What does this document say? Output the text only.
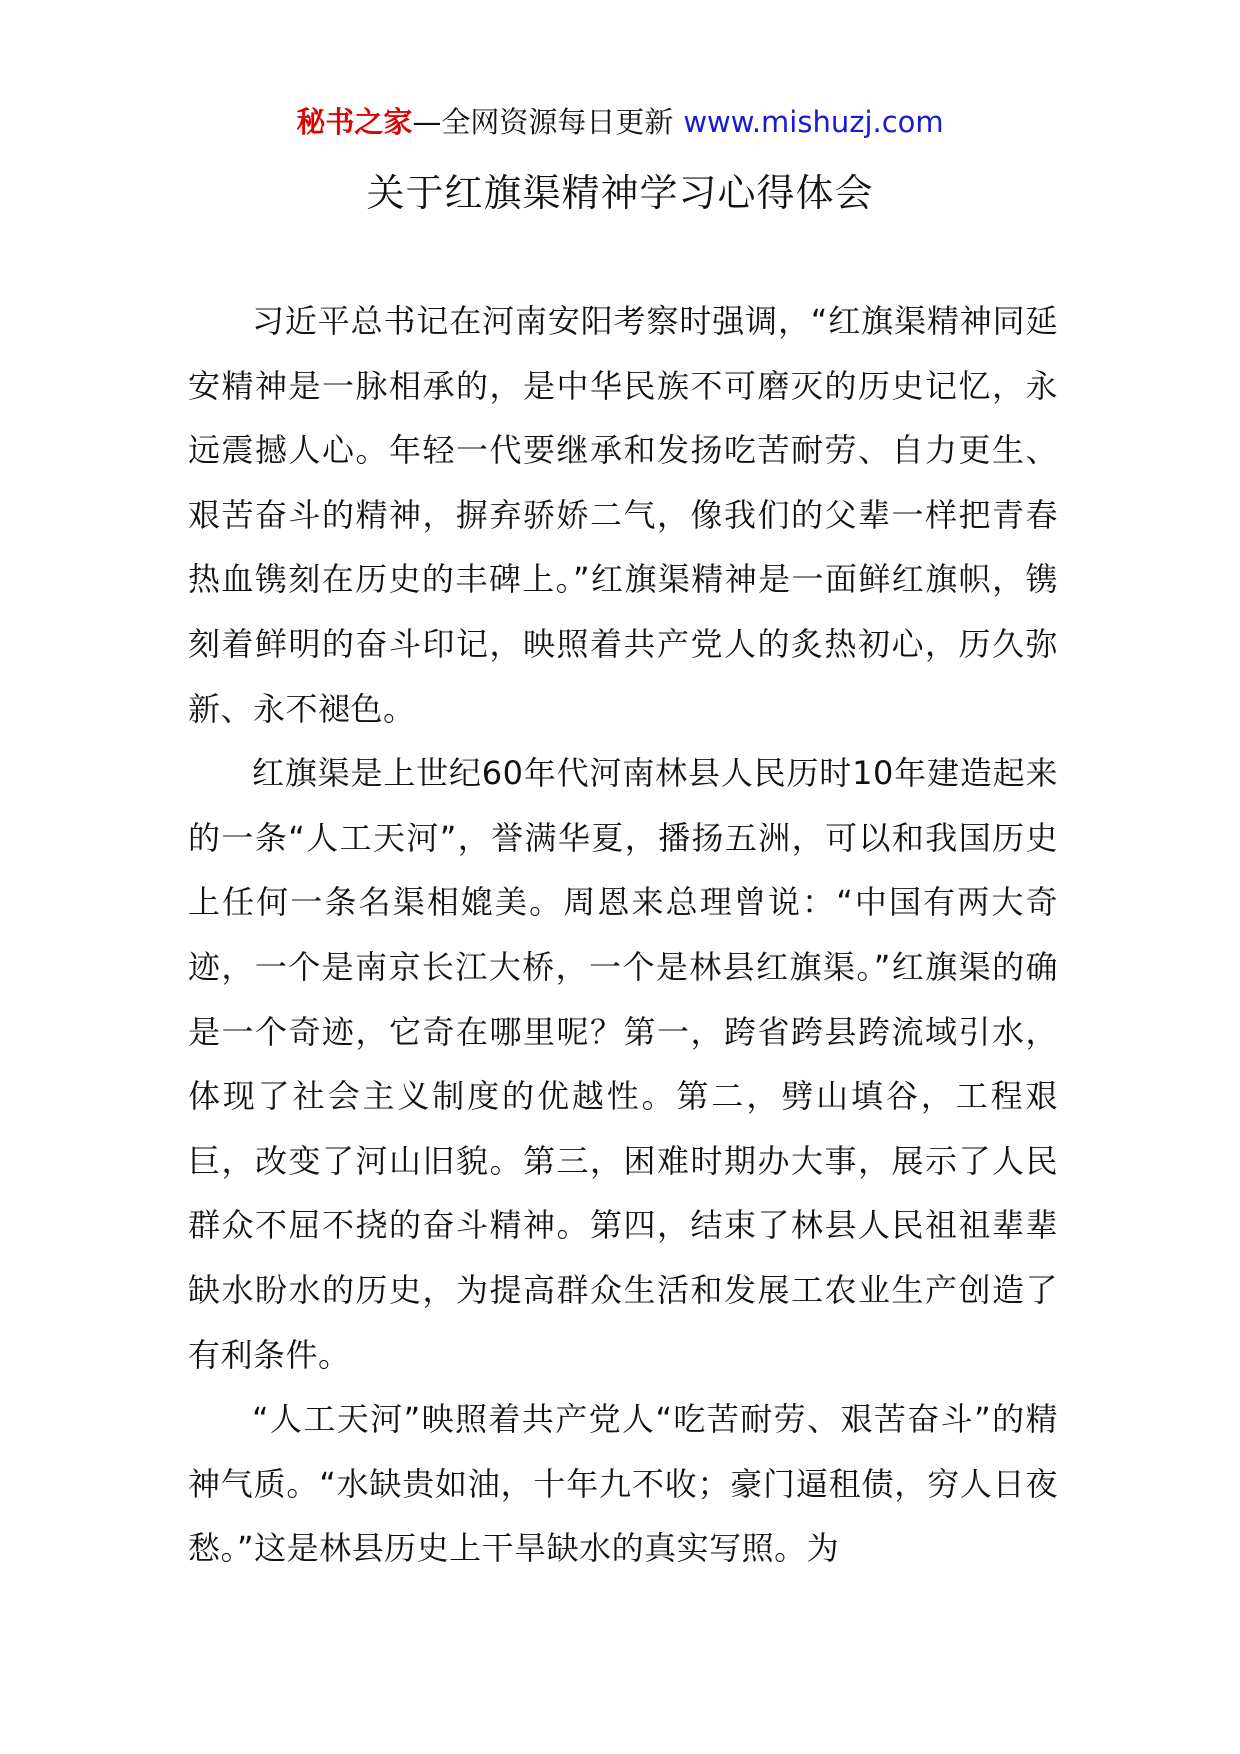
秘书之家—全网资源每日更新 www.mishuzj.com
关于红旗渠精神学习心得体会

习近平总书记在河南安阳考察时强调，“红旗渠精神同延安精神是一脉相承的，是中华民族不可磨灭的历史记忆，永远震撼人心。年轻一代要继承和发扬吃苦耐劳、自力更生、艰苦奋斗的精神，摒弃骄娇二气，像我们的父辈一样把青春热血镌刻在历史的丰碑上。”红旗渠精神是一面鲜红旗帜，镌刻着鲜明的奋斗印记，映照着共产党人的炙热初心，历久弥新、永不褪色。

红旗渠是上世纪60年代河南林县人民历时10年建造起来的一条“人工天河”，誉满华夏，播扬五洲，可以和我国历史上任何一条名渠相媲美。周恩来总理曾说：“中国有两大奇迹，一个是南京长江大桥，一个是林县红旗渠。”红旗渠的确是一个奇迹，它奇在哪里呢？第一，跨省跨县跨流域引水，体现了社会主义制度的优越性。第二，劈山填谷，工程艰巨，改变了河山旧貌。第三，困难时期办大事，展示了人民群众不屈不挠的奋斗精神。第四，结束了林县人民祖祖辈辈缺水盼水的历史，为提高群众生活和发展工农业生产创造了有利条件。

“人工天河”映照着共产党人“吃苦耐劳、艰苦奋斗”的精神气质。“水缺贵如油，十年九不收；豪门逼租债，穷人日夜愁。”这是林县历史上干旱缺水的真实写照。为
